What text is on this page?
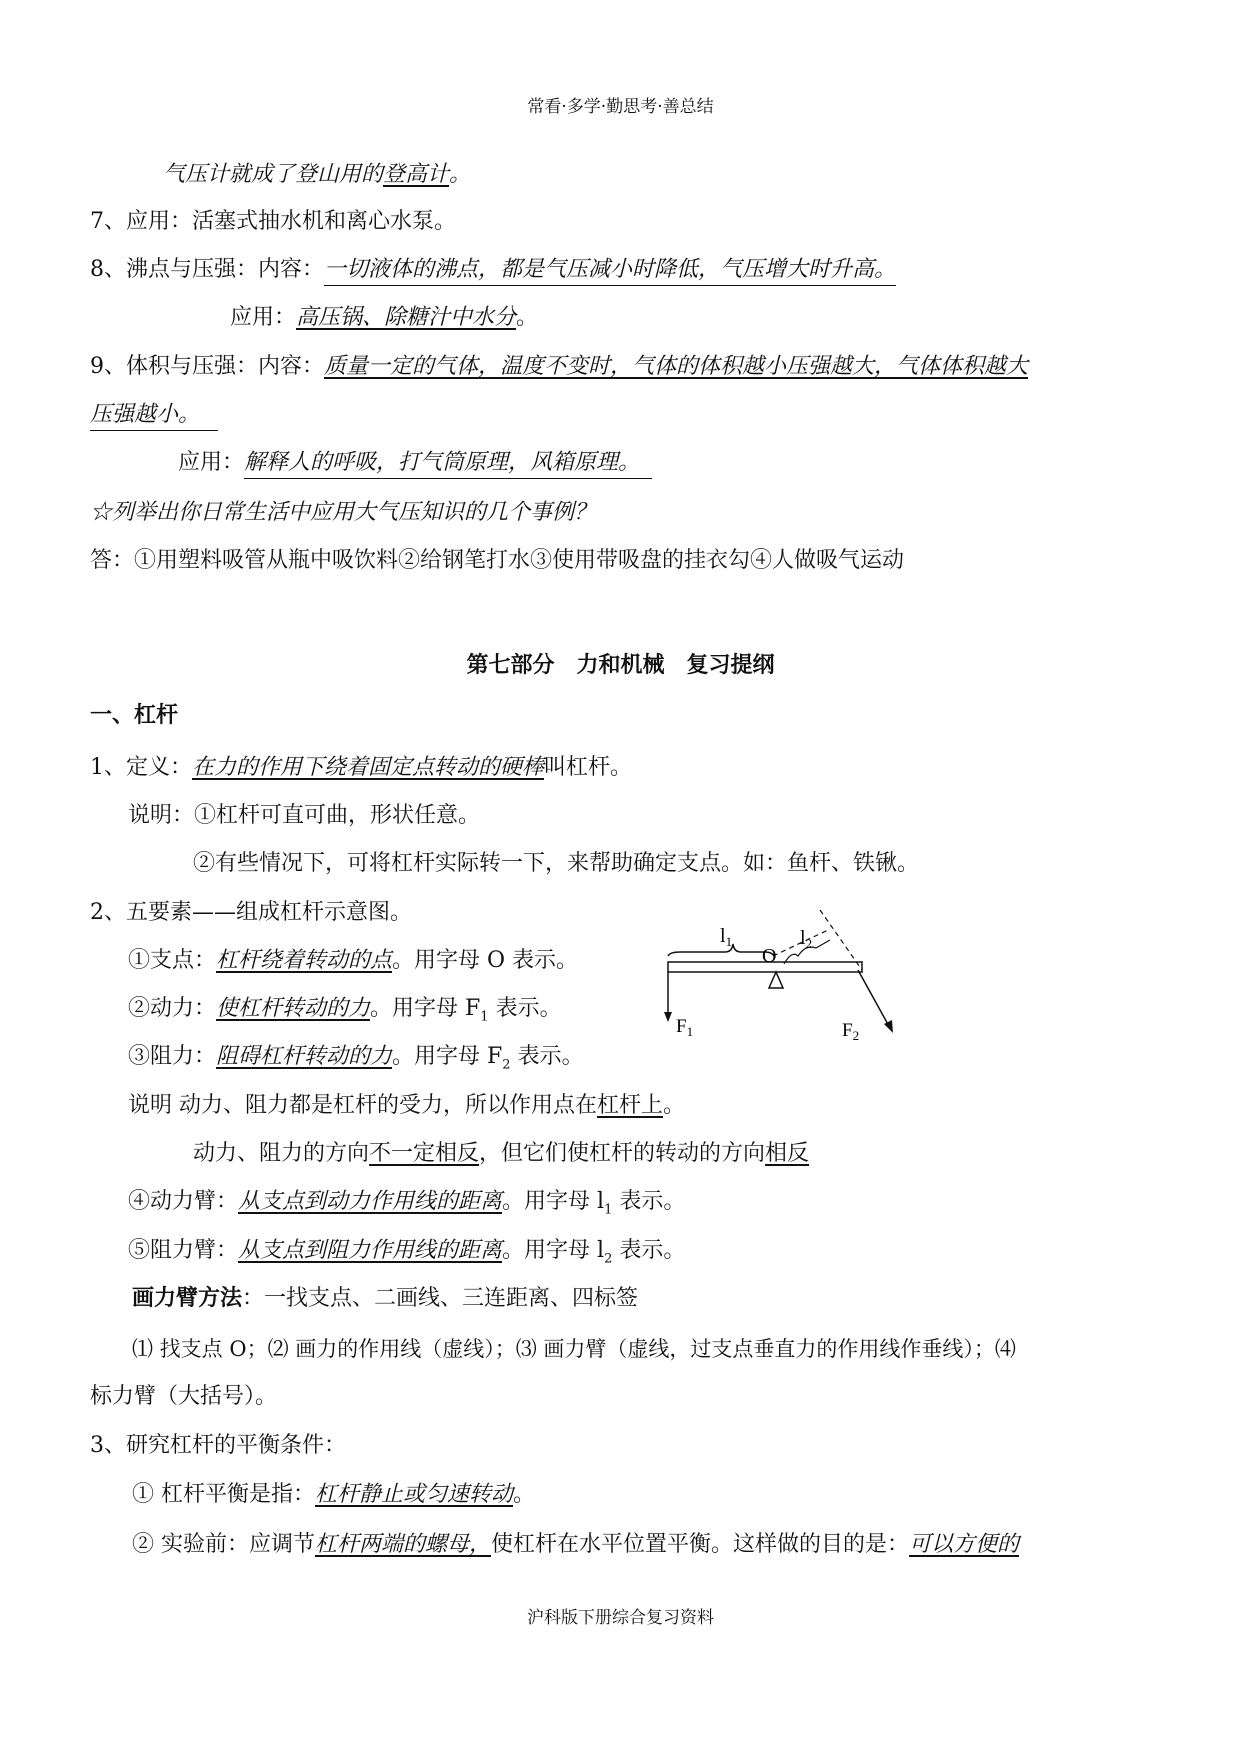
常看·多学·勤思考·善总结
气压计就成了登山用的登高计。
7、应用：活塞式抽水机和离心水泵。
8、沸点与压强：内容：一切液体的沸点，都是气压减小时降低，气压增大时升高。
应用：高压锅、除糖汁中水分。
9、体积与压强：内容：质量一定的气体，温度不变时，气体的体积越小压强越大，气体体积越大
压强越小。
应用：解释人的呼吸，打气筒原理，风箱原理。
☆列举出你日常生活中应用大气压知识的几个事例？
答：①用塑料吸管从瓶中吸饮料②给钢笔打水③使用带吸盘的挂衣勾④人做吸气运动
第七部分　力和机械　复习提纲
一、杠杆
1、定义：在力的作用下绕着固定点转动的硬棒叫杠杆。
说明：①杠杆可直可曲，形状任意。
②有些情况下，可将杠杆实际转一下，来帮助确定支点。如：鱼杆、铁锹。
2、五要素——组成杠杆示意图。
①支点：杠杆绕着转动的点。用字母 O 表示。
②动力：使杠杆转动的力。用字母 $F_1$ 表示。
③阻力：阻碍杠杆转动的力。用字母 $F_2$ 表示。
说明 动力、阻力都是杠杆的受力，所以作用点在杠杆上。
动力、阻力的方向不一定相反，但它们使杠杆的转动的方向相反
④动力臂：从支点到动力作用线的距离。用字母 $l_1$ 表示。
⑤阻力臂：从支点到阻力作用线的距离。用字母 $l_2$ 表示。
画力臂方法：一找支点、二画线、三连距离、四标签
⑴ 找支点 O；⑵ 画力的作用线（虚线）；⑶ 画力臂（虚线，过支点垂直力的作用线作垂线）；⑷
标力臂（大括号）。
3、研究杠杆的平衡条件：
① 杠杆平衡是指：杠杆静止或匀速转动。
② 实验前：应调节杠杆两端的螺母，使杠杆在水平位置平衡。这样做的目的是：可以方便的
$l_1$	$l_2$
O
$F_1$	$F_2$
沪科版下册综合复习资料
